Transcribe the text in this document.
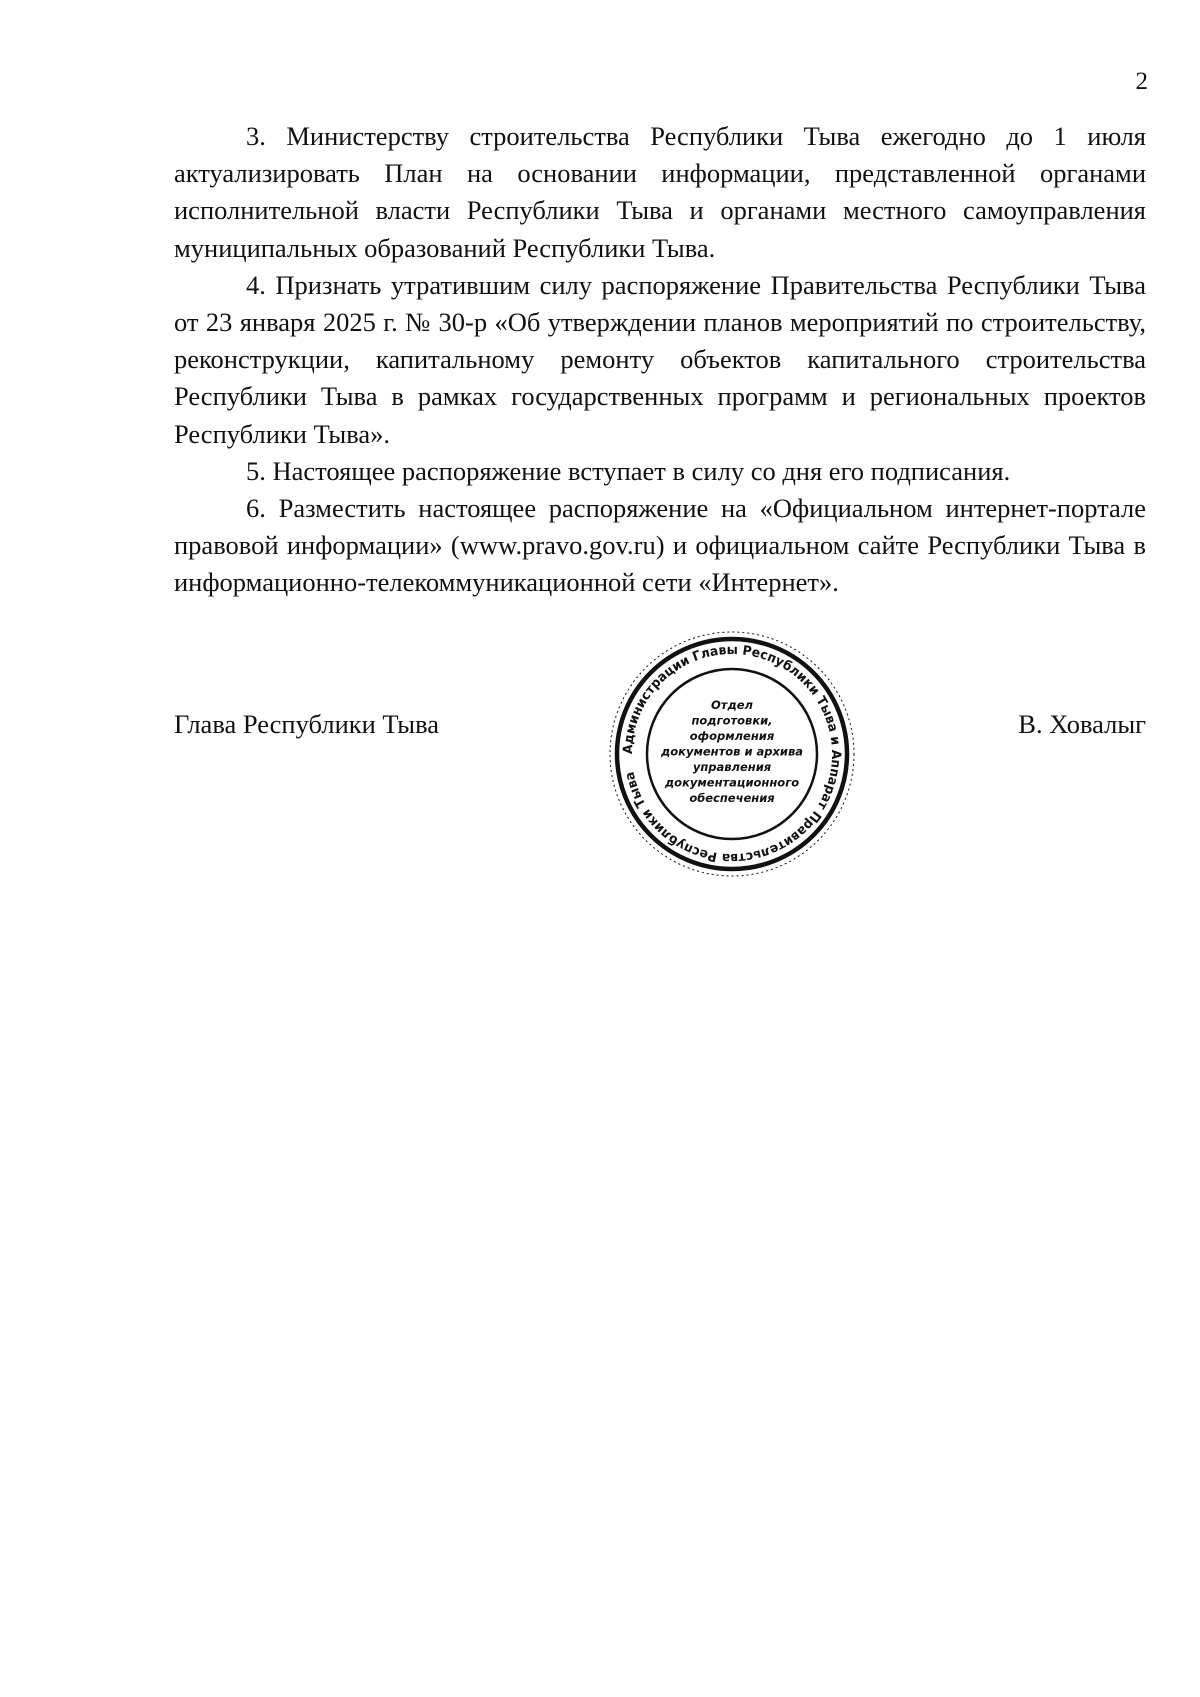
2

3. Министерству строительства Республики Тыва ежегодно до 1 июля актуализировать План на основании информации, представленной органами исполнительной власти Республики Тыва и органами местного самоуправления муниципальных образований Республики Тыва.

4. Признать утратившим силу распоряжение Правительства Республики Тыва от 23 января 2025 г. № 30-р «Об утверждении планов мероприятий по строительству, реконструкции, капитальному ремонту объектов капитального строительства Республики Тыва в рамках государственных программ и региональных проектов Республики Тыва».

5. Настоящее распоряжение вступает в силу со дня его подписания.

6. Разместить настоящее распоряжение на «Официальном интернет-портале правовой информации» (www.pravo.gov.ru) и официальном сайте Республики Тыва в информационно-телекоммуникационной сети «Интернет».

Глава Республики Тыва	В. Ховалыг
Администрации Главы Республики Тыва и Аппарат Правительства Республики Тыва
Отдел
подготовки,
оформления
документов и архива
управления
документационного
обеспечения
